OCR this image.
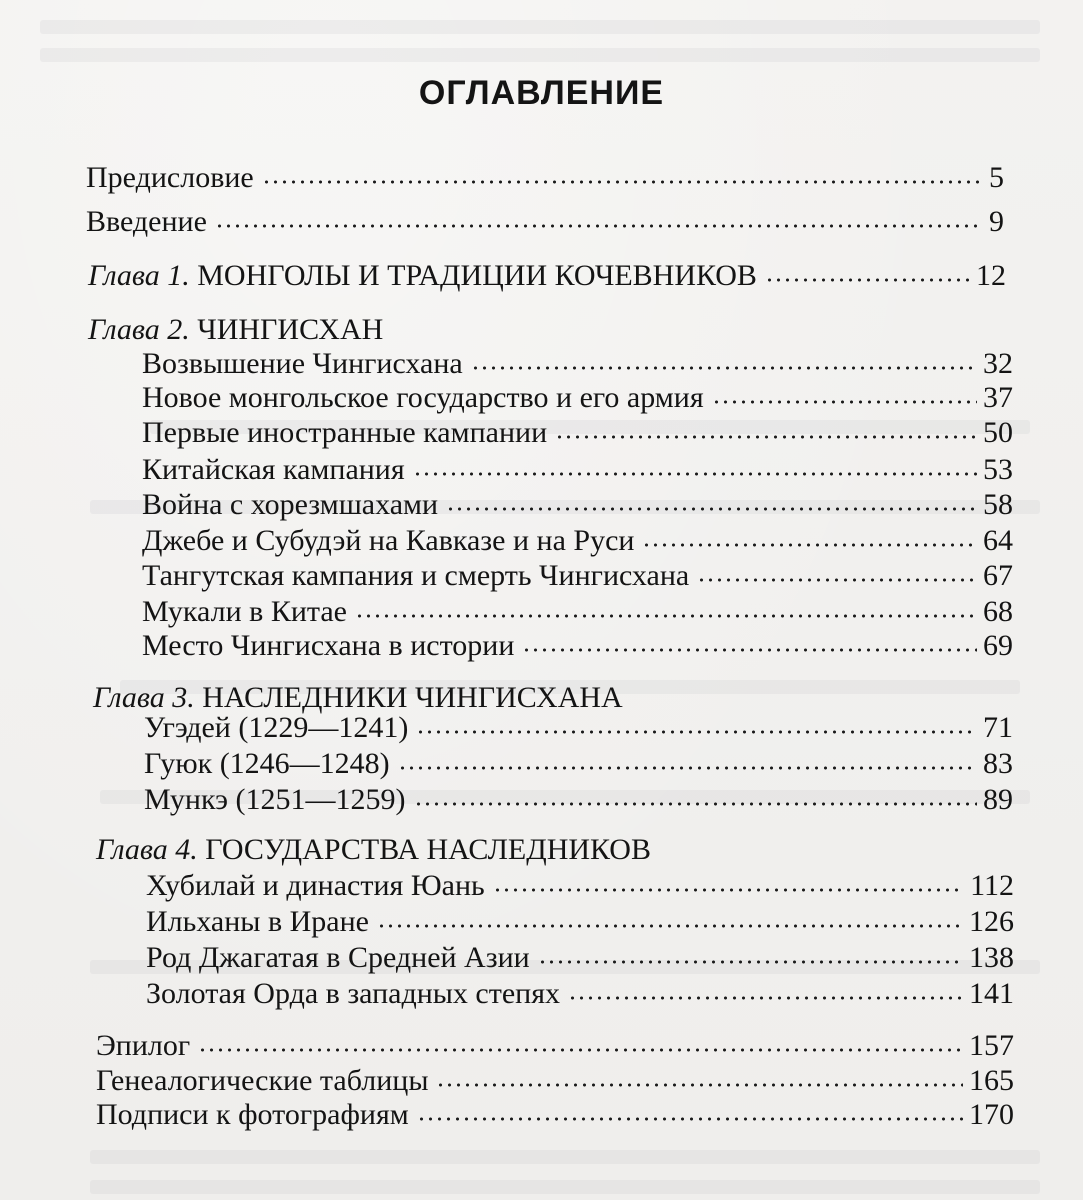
ОГЛАВЛЕНИЕ
Предисловие	5
Введение	9
Глава 1. МОНГОЛЫ И ТРАДИЦИИ КОЧЕВНИКОВ	12
Глава 2. ЧИНГИСХАН
Возвышение Чингисхана	32
Новое монгольское государство и его армия	37
Первые иностранные кампании	50
Китайская кампания	53
Война с хорезмшахами	58
Джебе и Субудэй на Кавказе и на Руси	64
Тангутская кампания и смерть Чингисхана	67
Мукали в Китае	68
Место Чингисхана в истории	69
Глава 3. НАСЛЕДНИКИ ЧИНГИСХАНА
Угэдей (1229—1241)	71
Гуюк (1246—1248)	83
Мункэ (1251—1259)	89
Глава 4. ГОСУДАРСТВА НАСЛЕДНИКОВ
Хубилай и династия Юань	112
Ильханы в Иране	126
Род Джагатая в Средней Азии	138
Золотая Орда в западных степях	141
Эпилог	157
Генеалогические таблицы	165
Подписи к фотографиям	170
